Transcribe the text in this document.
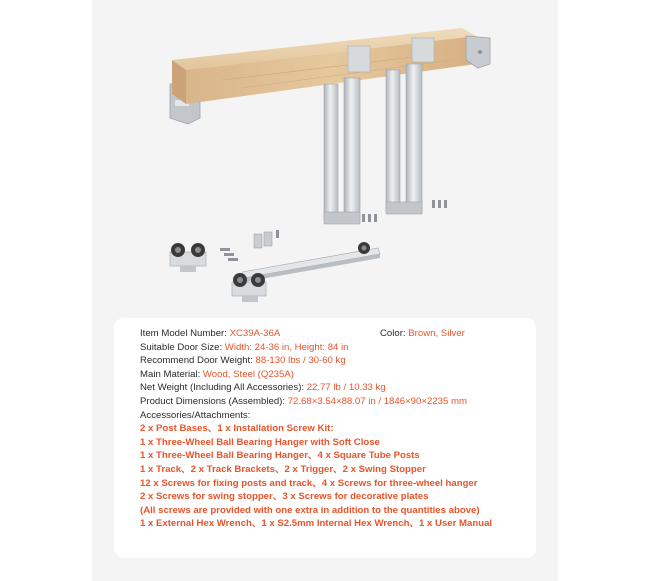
Item Model Number: XC39A-36A	Color: Brown, Silver
Suitable Door Size: Width: 24-36 in, Height: 84 in
Recommend Door Weight: 88-130 lbs / 30-60 kg
Main Material: Wood, Steel (Q235A)
Net Weight (Including All Accessories): 22.77 lb / 10.33 kg
Product Dimensions (Assembled): 72.68×3.54×88.07 in / 1846×90×2235 mm
Accessories/Attachments:
2 x Post Bases、1 x Installation Screw Kit:
1 x Three-Wheel Ball Bearing Hanger with Soft Close
1 x Three-Wheel Ball Bearing Hanger、4 x Square Tube Posts
1 x Track、2 x Track Brackets、2 x Trigger、2 x Swing Stopper
12 x Screws for fixing posts and track、4 x Screws for three-wheel hanger
2 x Screws for swing stopper、3 x Screws for decorative plates
(All screws are provided with one extra in addition to the quantities above)
1 x External Hex Wrench、1 x S2.5mm Internal Hex Wrench、1 x User Manual
